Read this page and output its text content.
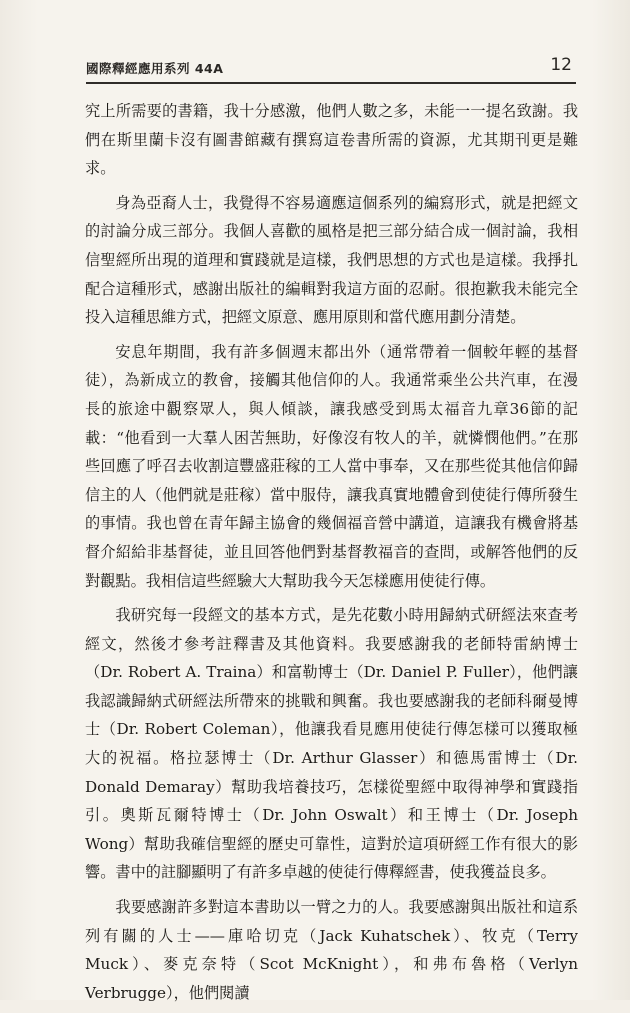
國際釋經應用系列 44A	12

究上所需要的書籍，我十分感激，他們人數之多，未能一一提名致謝。我們在斯里蘭卡沒有圖書館藏有撰寫這卷書所需的資源，尤其期刊更是難求。

身為亞裔人士，我覺得不容易適應這個系列的編寫形式，就是把經文的討論分成三部分。我個人喜歡的風格是把三部分結合成一個討論，我相信聖經所出現的道理和實踐就是這樣，我們思想的方式也是這樣。我掙扎配合這種形式，感謝出版社的編輯對我這方面的忍耐。很抱歉我未能完全投入這種思維方式，把經文原意、應用原則和當代應用劃分清楚。

安息年期間，我有許多個週末都出外（通常帶着一個較年輕的基督徒），為新成立的教會，接觸其他信仰的人。我通常乘坐公共汽車，在漫長的旅途中觀察眾人，與人傾談，讓我感受到馬太福音九章36節的記載：“他看到一大羣人困苦無助，好像沒有牧人的羊，就憐憫他們。”在那些回應了呼召去收割這豐盛莊稼的工人當中事奉，又在那些從其他信仰歸信主的人（他們就是莊稼）當中服侍，讓我真實地體會到使徒行傳所發生的事情。我也曾在青年歸主協會的幾個福音營中講道，這讓我有機會將基督介紹給非基督徒，並且回答他們對基督教福音的查問，或解答他們的反對觀點。我相信這些經驗大大幫助我今天怎樣應用使徒行傳。

我研究每一段經文的基本方式，是先花數小時用歸納式研經法來查考經文，然後才參考註釋書及其他資料。我要感謝我的老師特雷納博士（Dr. Robert A. Traina）和富勒博士（Dr. Daniel P. Fuller），他們讓我認識歸納式研經法所帶來的挑戰和興奮。我也要感謝我的老師科爾曼博士（Dr. Robert Coleman），他讓我看見應用使徒行傳怎樣可以獲取極大的祝福。格拉瑟博士（Dr. Arthur Glasser）和德馬雷博士（Dr. Donald Demaray）幫助我培養技巧，怎樣從聖經中取得神學和實踐指引。奧斯瓦爾特博士（Dr. John Oswalt）和王博士（Dr. Joseph Wong）幫助我確信聖經的歷史可靠性，這對於這項研經工作有很大的影響。書中的註腳顯明了有許多卓越的使徒行傳釋經書，使我獲益良多。

我要感謝許多對這本書助以一臂之力的人。我要感謝與出版社和這系列有關的人士——庫哈切克（Jack Kuhatschek）、牧克（Terry Muck）、麥克奈特（Scot McKnight），和弗布魯格（Verlyn Verbrugge），他們閱讀
